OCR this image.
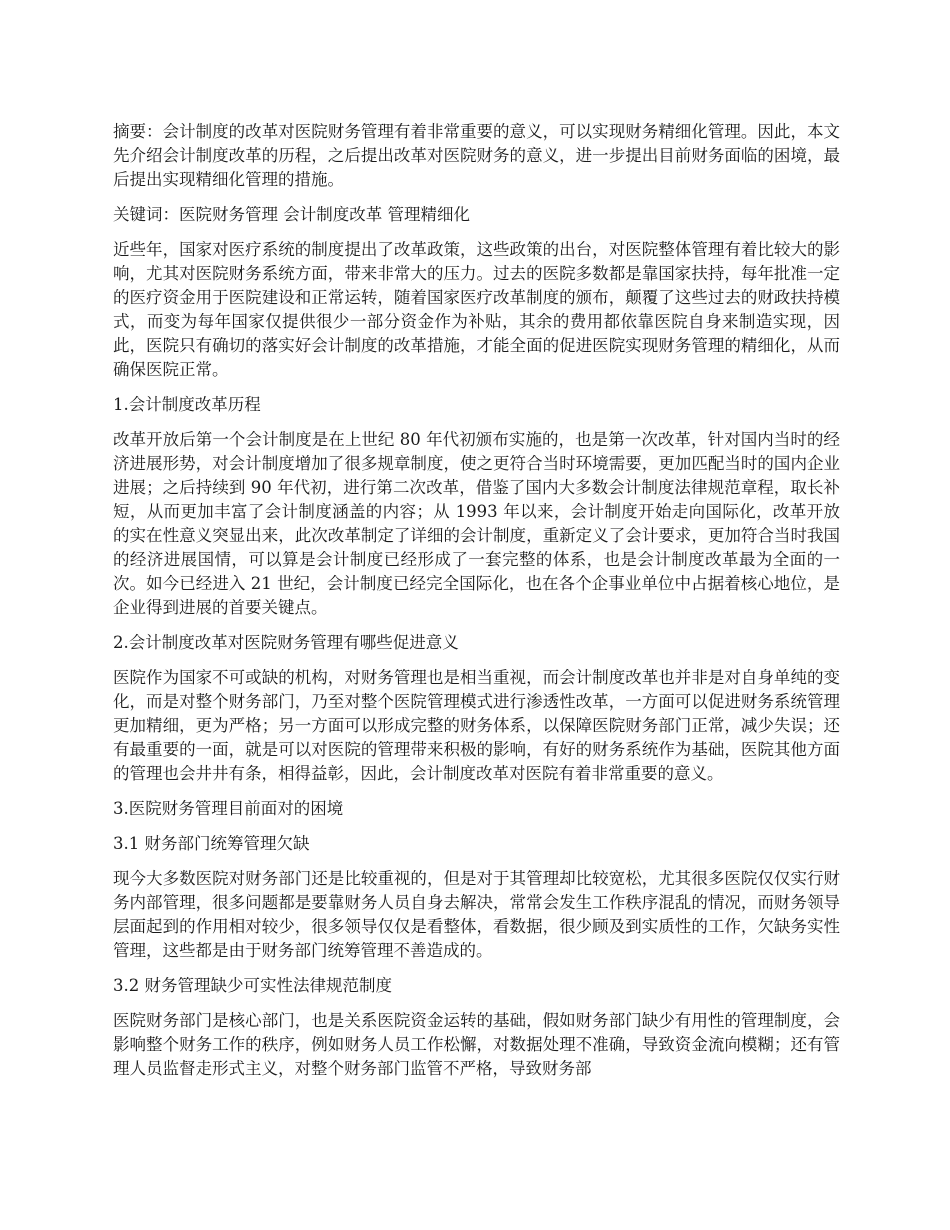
摘要：会计制度的改革对医院财务管理有着非常重要的意义，可以实现财务精细化管理。因此，本文先介绍会计制度改革的历程，之后提出改革对医院财务的意义，进一步提出目前财务面临的困境，最后提出实现精细化管理的措施。

关键词：医院财务管理 会计制度改革 管理精细化

近些年，国家对医疗系统的制度提出了改革政策，这些政策的出台，对医院整体管理有着比较大的影响，尤其对医院财务系统方面，带来非常大的压力。过去的医院多数都是靠国家扶持，每年批准一定的医疗资金用于医院建设和正常运转，随着国家医疗改革制度的颁布，颠覆了这些过去的财政扶持模式，而变为每年国家仅提供很少一部分资金作为补贴，其余的费用都依靠医院自身来制造实现，因此，医院只有确切的落实好会计制度的改革措施，才能全面的促进医院实现财务管理的精细化，从而确保医院正常。

1.会计制度改革历程

改革开放后第一个会计制度是在上世纪 80 年代初颁布实施的，也是第一次改革，针对国内当时的经济进展形势，对会计制度增加了很多规章制度，使之更符合当时环境需要，更加匹配当时的国内企业进展；之后持续到 90 年代初，进行第二次改革，借鉴了国内大多数会计制度法律规范章程，取长补短，从而更加丰富了会计制度涵盖的内容；从 1993 年以来，会计制度开始走向国际化，改革开放的实在性意义突显出来，此次改革制定了详细的会计制度，重新定义了会计要求，更加符合当时我国的经济进展国情，可以算是会计制度已经形成了一套完整的体系，也是会计制度改革最为全面的一次。如今已经进入 21 世纪，会计制度已经完全国际化，也在各个企事业单位中占据着核心地位，是企业得到进展的首要关键点。

2.会计制度改革对医院财务管理有哪些促进意义

医院作为国家不可或缺的机构，对财务管理也是相当重视，而会计制度改革也并非是对自身单纯的变化，而是对整个财务部门，乃至对整个医院管理模式进行渗透性改革，一方面可以促进财务系统管理更加精细，更为严格；另一方面可以形成完整的财务体系，以保障医院财务部门正常，减少失误；还有最重要的一面，就是可以对医院的管理带来积极的影响，有好的财务系统作为基础，医院其他方面的管理也会井井有条，相得益彰，因此，会计制度改革对医院有着非常重要的意义。

3.医院财务管理目前面对的困境
3.1 财务部门统筹管理欠缺

现今大多数医院对财务部门还是比较重视的，但是对于其管理却比较宽松，尤其很多医院仅仅实行财务内部管理，很多问题都是要靠财务人员自身去解决，常常会发生工作秩序混乱的情况，而财务领导层面起到的作用相对较少，很多领导仅仅是看整体，看数据，很少顾及到实质性的工作，欠缺务实性管理，这些都是由于财务部门统筹管理不善造成的。

3.2 财务管理缺少可实性法律规范制度

医院财务部门是核心部门，也是关系医院资金运转的基础，假如财务部门缺少有用性的管理制度，会影响整个财务工作的秩序，例如财务人员工作松懈，对数据处理不准确，导致资金流向模糊；还有管理人员监督走形式主义，对整个财务部门监管不严格，导致财务部
